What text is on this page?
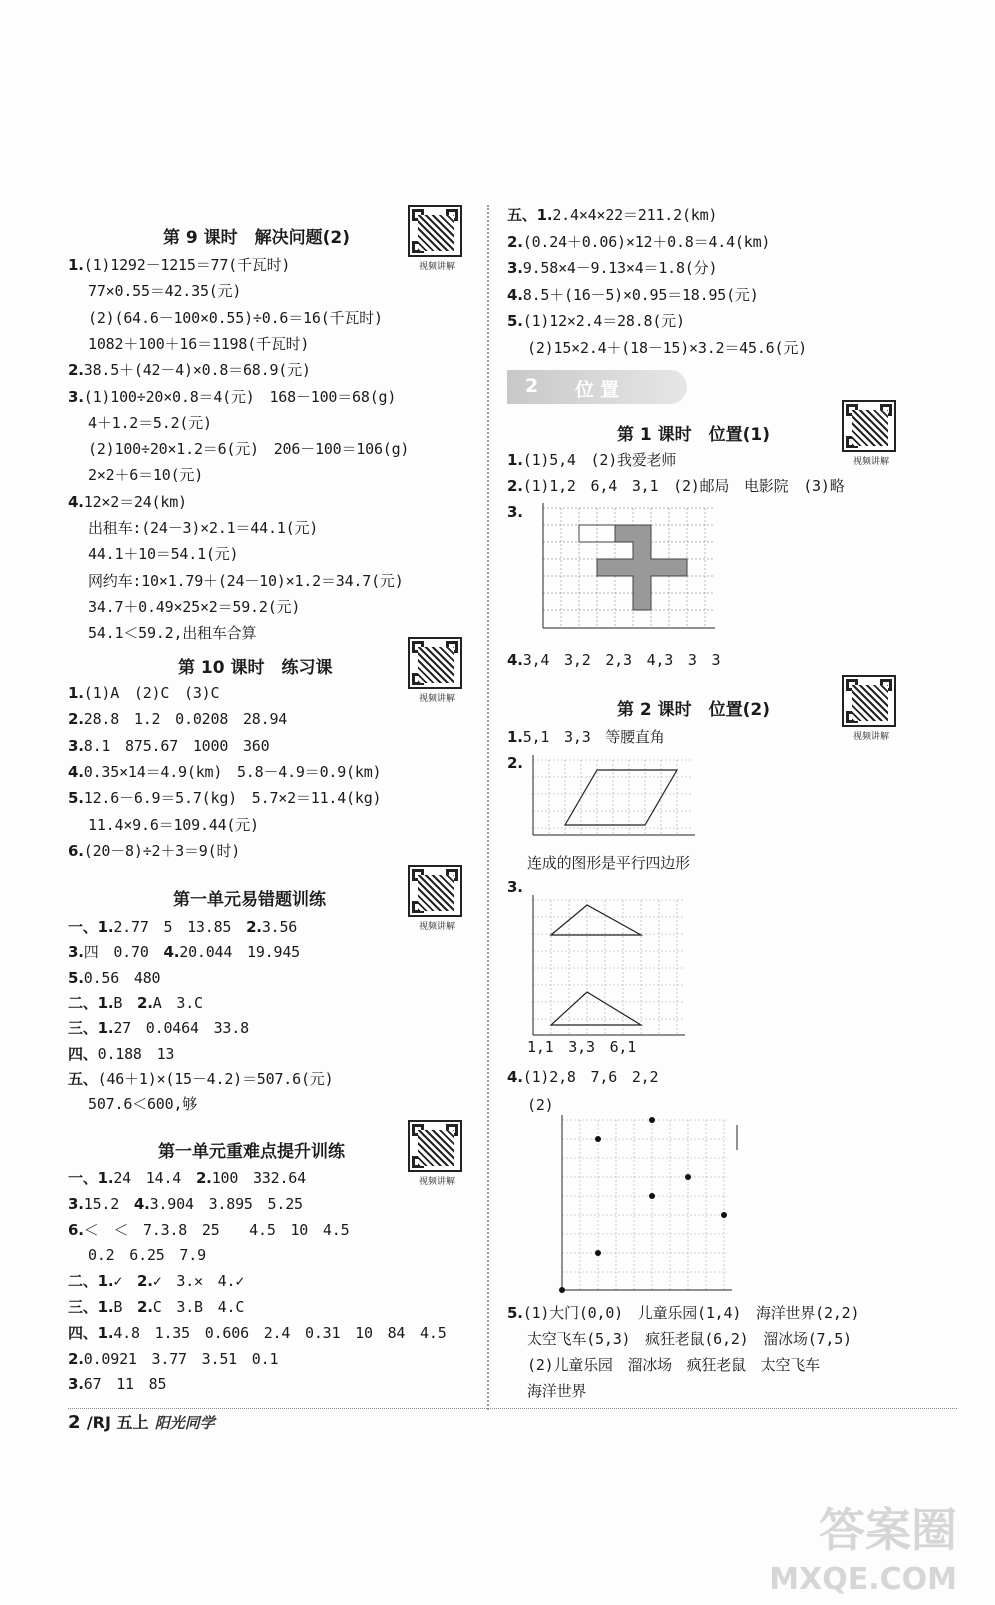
第 9 课时　解决问题(2)
视频讲解
1.(1)1292－1215＝77(千瓦时)
77×0.55＝42.35(元)
(2)(64.6－100×0.55)÷0.6＝16(千瓦时)
1082＋100＋16＝1198(千瓦时)
2.38.5＋(42－4)×0.8＝68.9(元)
3.(1)100÷20×0.8＝4(元)　168－100＝68(g)
4＋1.2＝5.2(元)
(2)100÷20×1.2＝6(元)　206－100＝106(g)
2×2＋6＝10(元)
4.12×2＝24(km)
出租车:(24－3)×2.1＝44.1(元)
44.1＋10＝54.1(元)
网约车:10×1.79＋(24－10)×1.2＝34.7(元)
34.7＋0.49×25×2＝59.2(元)
54.1＜59.2,出租车合算
第 10 课时　练习课
视频讲解
1.(1)A　(2)C　(3)C
2.28.8　1.2　0.0208　28.94
3.8.1　875.67　1000　360
4.0.35×14＝4.9(km)　5.8－4.9＝0.9(km)
5.12.6－6.9＝5.7(kg)　5.7×2＝11.4(kg)
11.4×9.6＝109.44(元)
6.(20－8)÷2＋3＝9(时)
第一单元易错题训练
视频讲解
一、1.2.77　5　13.85　2.3.56
3.四　0.70　4.20.044　19.945
5.0.56　480
二、1.B　2.A　3.C
三、1.27　0.0464　33.8
四、0.188　13
五、(46＋1)×(15－4.2)＝507.6(元)
507.6＜600,够
第一单元重难点提升训练
视频讲解
一、1.24　14.4　2.100　332.64
3.15.2　4.3.904　3.895　5.25
6.＜　＜　7.3.8　25　　4.5　10　4.5
0.2　6.25　7.9
二、1.✓　2.✓　3.✕　4.✓
三、1.B　2.C　3.B　4.C
四、1.4.8　1.35　0.606　2.4　0.31　10　84　4.5
2.0.0921　3.77　3.51　0.1
3.67　11　85
五、1.2.4×4×22＝211.2(km)
2.(0.24＋0.06)×12＋0.8＝4.4(km)
3.9.58×4－9.13×4＝1.8(分)
4.8.5＋(16－5)×0.95＝18.95(元)
5.(1)12×2.4＝28.8(元)
(2)15×2.4＋(18－15)×3.2＝45.6(元)
2 位置
第 1 课时　位置(1)
视频讲解
1.(1)5,4　(2)我爱老师
2.(1)1,2　6,4　3,1　(2)邮局　电影院　(3)略
3.
4.3,4　3,2　2,3　4,3　3　3
第 2 课时　位置(2)
视频讲解
1.5,1　3,3　等腰直角
2.
连成的图形是平行四边形
3.
1,1　3,3　6,1
4.(1)2,8　7,6　2,2
(2)
5.(1)大门(0,0)　儿童乐园(1,4)　海洋世界(2,2)
太空飞车(5,3)　疯狂老鼠(6,2)　溜冰场(7,5)
(2)儿童乐园　溜冰场　疯狂老鼠　太空飞车
海洋世界
2 /RJ 五上 阳光同学
答案圈
MXQE.COM
